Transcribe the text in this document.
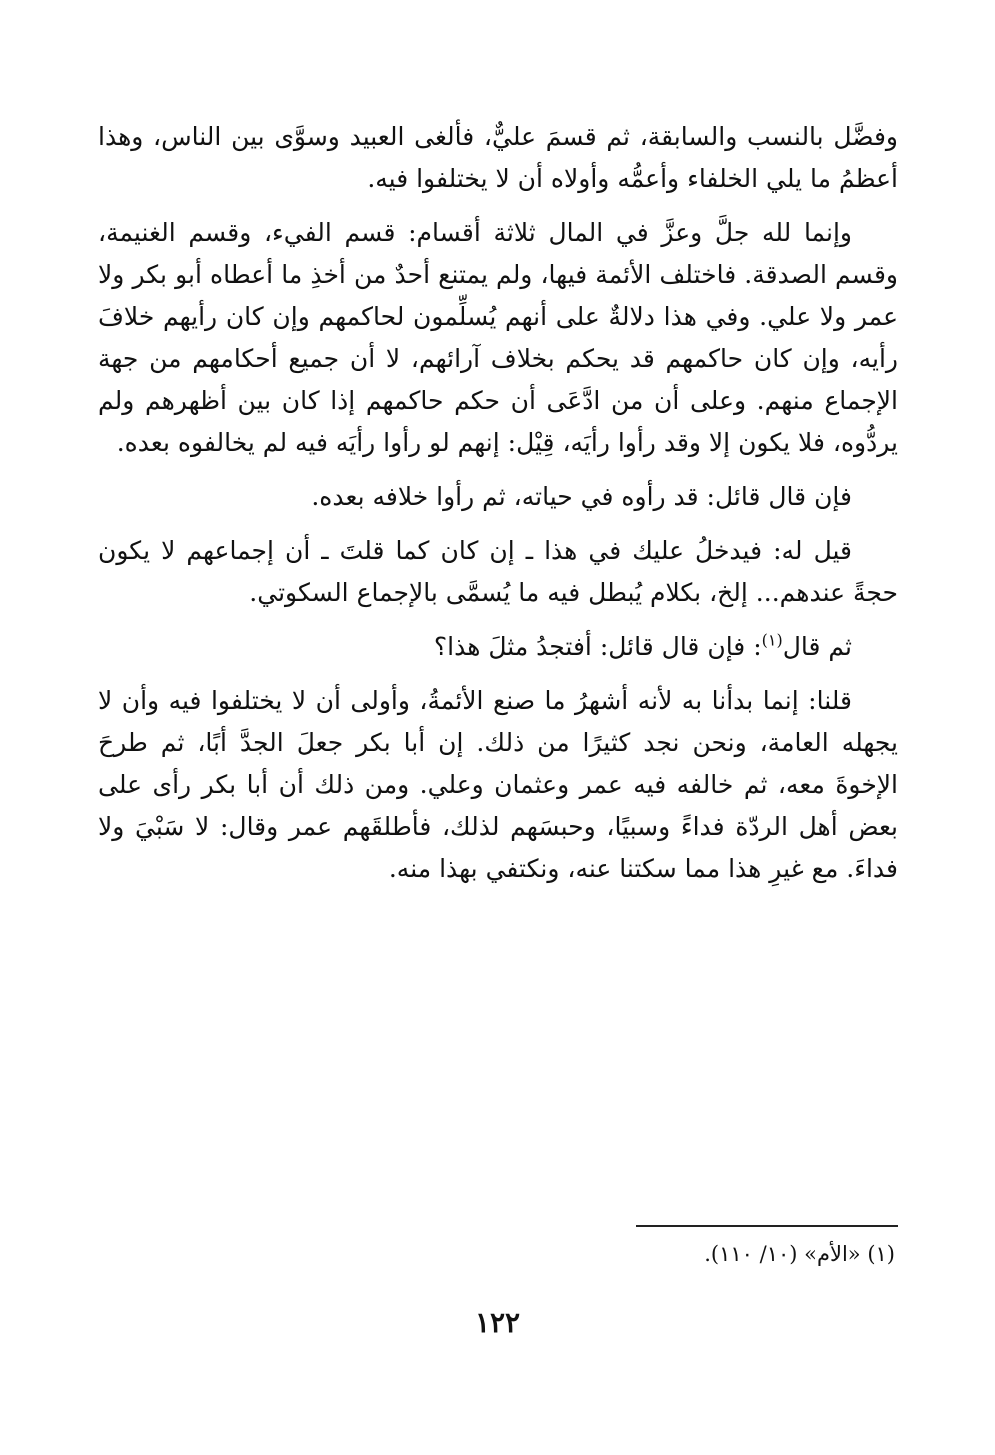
وفضَّل بالنسب والسابقة، ثم قسمَ عليٌّ، فألغى العبيد وسوَّى بين الناس، وهذا أعظمُ ما يلي الخلفاء وأعمُّه وأولاه أن لا يختلفوا فيه.

وإنما لله جلَّ وعزَّ في المال ثلاثة أقسام: قسم الفيء، وقسم الغنيمة، وقسم الصدقة. فاختلف الأئمة فيها، ولم يمتنع أحدٌ من أخذِ ما أعطاه أبو بكر ولا عمر ولا علي. وفي هذا دلالةٌ على أنهم يُسلِّمون لحاكمهم وإن كان رأيهم خلافَ رأيه، وإن كان حاكمهم قد يحكم بخلاف آرائهم، لا أن جميع أحكامهم من جهة الإجماع منهم. وعلى أن من ادَّعَى أن حكم حاكمهم إذا كان بين أظهرهم ولم يردُّوه، فلا يكون إلا وقد رأوا رأيَه، قِيْل: إنهم لو رأوا رأيَه فيه لم يخالفوه بعده.

فإن قال قائل: قد رأوه في حياته، ثم رأوا خلافه بعده.

قيل له: فيدخلُ عليك في هذا ـ إن كان كما قلتَ ـ أن إجماعهم لا يكون حجةً عندهم... إلخ، بكلام يُبطل فيه ما يُسمَّى بالإجماع السكوتي.

ثم قال$^{(١)}$: فإن قال قائل: أفتجدُ مثلَ هذا؟

قلنا: إنما بدأنا به لأنه أشهرُ ما صنع الأئمةُ، وأولى أن لا يختلفوا فيه وأن لا يجهله العامة، ونحن نجد كثيرًا من ذلك. إن أبا بكر جعلَ الجدَّ أبًا، ثم طرحَ الإخوةَ معه، ثم خالفه فيه عمر وعثمان وعلي. ومن ذلك أن أبا بكر رأى على بعض أهل الردّة فداءً وسبيًا، وحبسَهم لذلك، فأطلقَهم عمر وقال: لا سَبْيَ ولا فداءَ. مع غيرِ هذا مما سكتنا عنه، ونكتفي بهذا منه.

(١) «الأم» (١٠/ ١١٠).
١٢٢
